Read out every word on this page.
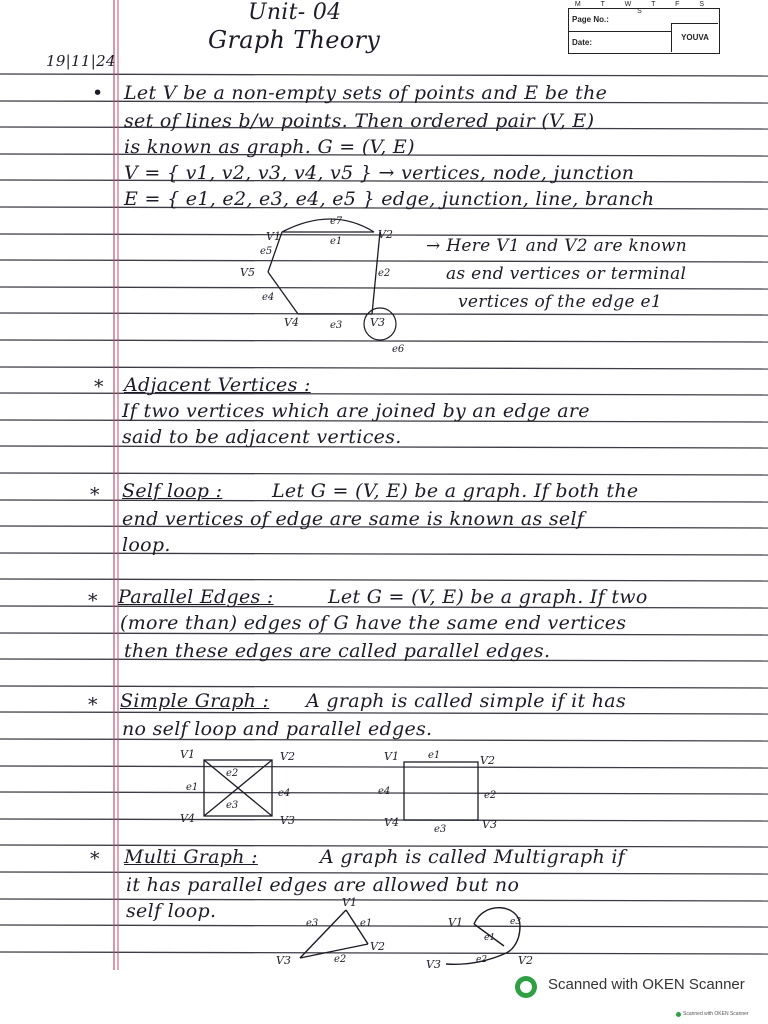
Unit- 04
Graph Theory
19|11|24
M T W T F S S
Page No.:
Date:
YOUVA
• Let V be a non-empty sets of points and E be the
set of lines b/w points. Then ordered pair (V, E)
is known as graph. G = (V, E)
V = { v1, v2, v3, v4, v5 } → vertices, node, junction
E = { e1, e2, e3, e4, e5 } edge, junction, line, branch
V1	V2
V3
V4
V5
e1
e2
e3
e4
e5
e6
e7
→ Here V1 and V2 are known
as end vertices or terminal
vertices of the edge e1
* Adjacent Vertices :
If two vertices which are joined by an edge are
said to be adjacent vertices.
* Self loop :	Let G = (V, E) be a graph. If both the
end vertices of edge are same is known as self
loop.
* Parallel Edges :	Let G = (V, E) be a graph. If two
(more than) edges of G have the same end vertices
then these edges are called parallel edges.
* Simple Graph : A graph is called simple if it has
no self loop and parallel edges.
V1	V2
V3
V4
e1
e2
e3
e4
V1	V2
V3
V4
e1
e2
e3
e4
* Multi Graph :	A graph is called Multigraph if
it has parallel edges are allowed but no
self loop.	V1
V2
V3
e1
e2
e3	V1
V2
V3
e1
e2
e3
Scanned with OKEN Scanner
Scanned with OKEN Scanner
